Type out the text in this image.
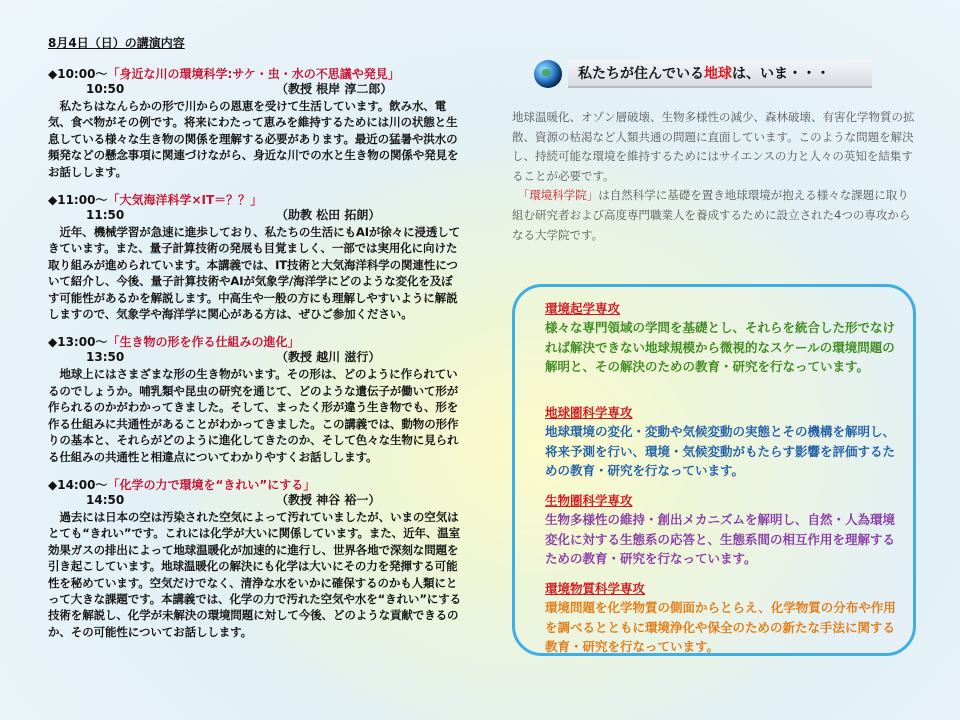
8月4日（日）の講演内容
◆10:00～「身近な川の環境科学:サケ・虫・水の不思議や発見」
10:50	（教授 根岸 淳二郎）

私たちはなんらかの形で川からの恩恵を受けて生活しています。飲み水、電気、食べ物がその例です。将来にわたって恵みを維持するためには川の状態と生息している様々な生き物の関係を理解する必要があります。最近の猛暑や洪水の頻発などの懸念事項に関連づけながら、身近な川での水と生き物の関係や発見をお話しします。

◆11:00～「大気海洋科学×IT＝？？」
11:50	（助教 松田 拓朗）

近年、機械学習が急速に進歩しており、私たちの生活にもAIが徐々に浸透してきています。また、量子計算技術の発展も目覚ましく、一部では実用化に向けた取り組みが進められています。本講義では、IT技術と大気海洋科学の関連性について紹介し、今後、量子計算技術やAIが気象学/海洋学にどのような変化を及ぼす可能性があるかを解説します。中高生や一般の方にも理解しやすいように解説しますので、気象学や海洋学に関心がある方は、ぜひご参加ください。

◆13:00～「生き物の形を作る仕組みの進化」
13:50	（教授 越川 滋行）

地球上にはさまざまな形の生き物がいます。その形は、どのように作られているのでしょうか。哺乳類や昆虫の研究を通じて、どのような遺伝子が働いて形が作られるのかがわかってきました。そして、まったく形が違う生き物でも、形を作る仕組みに共通性があることがわかってきました。この講義では、動物の形作りの基本と、それらがどのように進化してきたのか、そして色々な生物に見られる仕組みの共通性と相違点についてわかりやすくお話しします。

◆14:00～「化学の力で環境を“きれい”にする」
14:50	（教授 神谷 裕一）

過去には日本の空は汚染された空気によって汚れていましたが、いまの空気はとても“きれい”です。これには化学が大いに関係しています。また、近年、温室効果ガスの排出によって地球温暖化が加速的に進行し、世界各地で深刻な問題を引き起こしています。地球温暖化の解決にも化学は大いにその力を発揮する可能性を秘めています。空気だけでなく、清浄な水をいかに確保するのかも人類にとって大きな課題です。本講義では、化学の力で汚れた空気や水を“きれい”にする技術を解説し、化学が未解決の環境問題に対して今後、どのような貢献できるのか、その可能性についてお話しします。

私たちが住んでいる地球は、いま・・・

地球温暖化、オゾン層破壊、生物多様性の減少、森林破壊、有害化学物質の拡散、資源の枯渇など人類共通の問題に直面しています。このような問題を解決し、持続可能な環境を維持するためにはサイエンスの力と人々の英知を結集することが必要です。

「環境科学院」は自然科学に基礎を置き地球環境が抱える様々な課題に取り組む研究者および高度専門職業人を養成するために設立された4つの専攻からなる大学院です。

環境起学専攻

様々な専門領域の学問を基礎とし、それらを統合した形でなければ解決できない地球規模から微視的なスケールの環境問題の解明と、その解決のための教育・研究を行なっています。

地球圏科学専攻

地球環境の変化・変動や気候変動の実態とその機構を解明し、将来予測を行い、環境・気候変動がもたらす影響を評価するための教育・研究を行なっています。

生物圏科学専攻

生物多様性の維持・創出メカニズムを解明し、自然・人為環境変化に対する生態系の応答と、生態系間の相互作用を理解するための教育・研究を行なっています。

環境物質科学専攻

環境問題を化学物質の側面からとらえ、化学物質の分布や作用を調べるとともに環境浄化や保全のための新たな手法に関する教育・研究を行なっています。
